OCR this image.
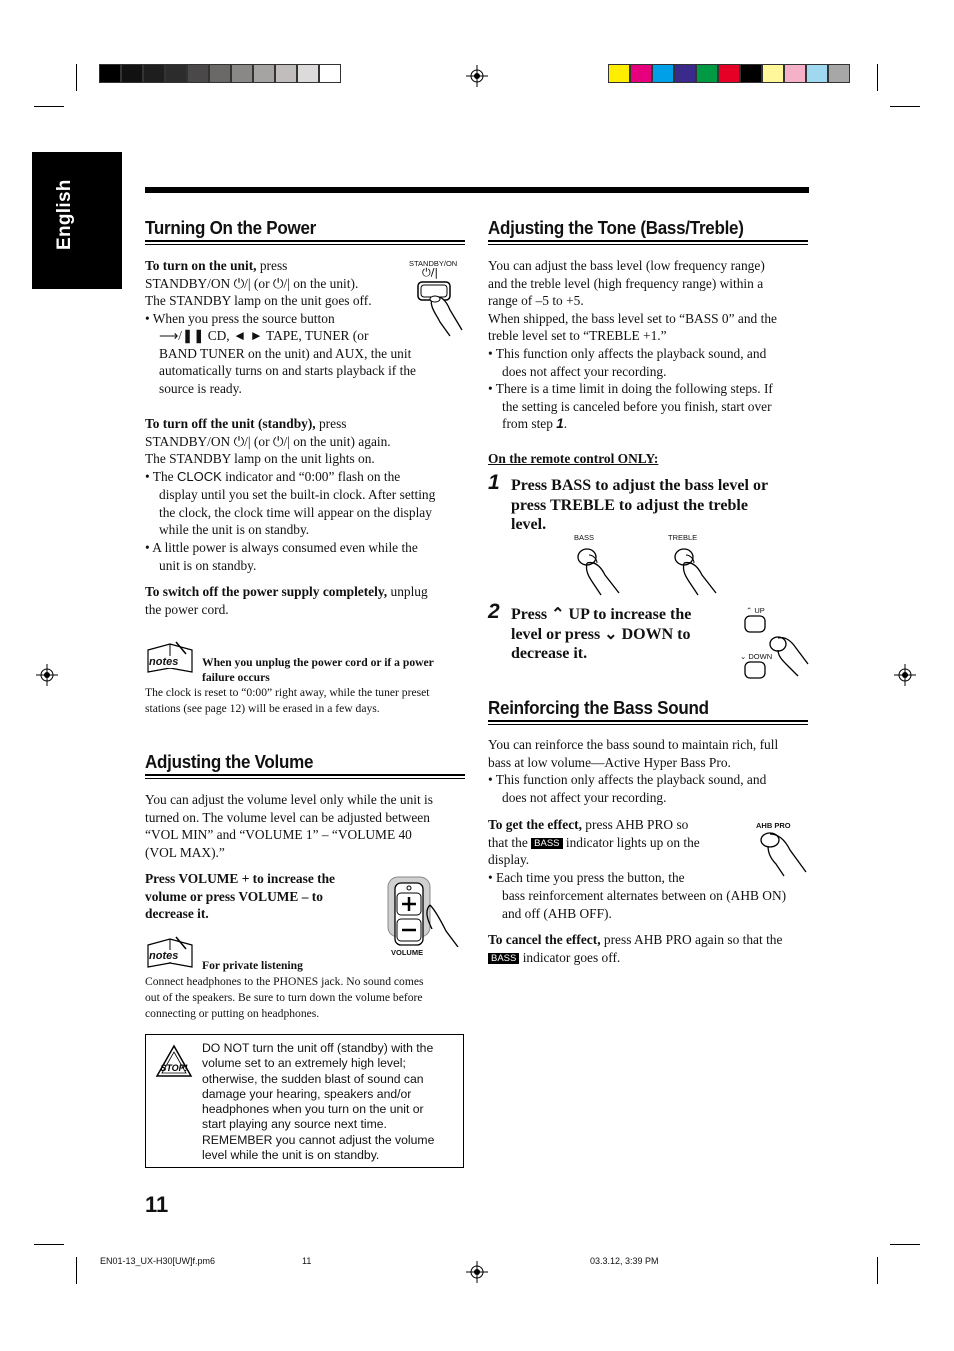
English	Turning On the Power
STANDBY/ON
⏻/|
To turn on the unit, press
STANDBY/ON ⏻/| (or ⏻/| on the unit).
The STANDBY lamp on the unit goes off.
• When you press the source button
⟶/❚❚ CD, ◄ ► TAPE, TUNER (or
BAND TUNER on the unit) and AUX, the unit
automatically turns on and starts playback if the
source is ready.
To turn off the unit (standby), press
STANDBY/ON ⏻/| (or ⏻/| on the unit) again.
The STANDBY lamp on the unit lights on.
• The CLOCK indicator and “0:00” flash on the
display until you set the built-in clock. After setting
the clock, the clock time will appear on the display
while the unit is on standby.
• A little power is always consumed even while the
unit is on standby.
To switch off the power supply completely, unplug
the power cord.
notes When you unplug the power cord or if a power
failure occurs
The clock is reset to “0:00” right away, while the tuner preset
stations (see page 12) will be erased in a few days.
Adjusting the Volume
You can adjust the volume level only while the unit is
turned on. The volume level can be adjusted between
“VOL MIN” and “VOLUME 1” – “VOLUME 40
(VOL MAX).”
Press VOLUME + to increase the
volume or press VOLUME – to
decrease it.
VOLUME
notes
For private listening
Connect headphones to the PHONES jack. No sound comes
out of the speakers. Be sure to turn down the volume before
connecting or putting on headphones.
STOP!
DO NOT turn the unit off (standby) with the
volume set to an extremely high level;
otherwise, the sudden blast of sound can
damage your hearing, speakers and/or
headphones when you turn on the unit or
start playing any source next time.
REMEMBER you cannot adjust the volume
level while the unit is on standby.
Adjusting the Tone (Bass/Treble)
You can adjust the bass level (low frequency range)
and the treble level (high frequency range) within a
range of –5 to +5.
When shipped, the bass level set to “BASS 0” and the
treble level set to “TREBLE +1.”
• This function only affects the playback sound, and
does not affect your recording.
• There is a time limit in doing the following steps. If
the setting is canceled before you finish, start over
from step 1.
On the remote control ONLY:
1 Press BASS to adjust the bass level or
press TREBLE to adjust the treble
level.
BASS	TREBLE
2 Press ⌃ UP to increase the
level or press ⌄ DOWN to
decrease it.
⌃ UP
⌄ DOWN
Reinforcing the Bass Sound
You can reinforce the bass sound to maintain rich, full
bass at low volume—Active Hyper Bass Pro.
• This function only affects the playback sound, and
does not affect your recording.
To get the effect, press AHB PRO so
that the BASS indicator lights up on the
display.
• Each time you press the button, the
bass reinforcement alternates between on (AHB ON)
and off (AHB OFF).
AHB PRO
To cancel the effect, press AHB PRO again so that the
BASS indicator goes off.
11
EN01-13_UX-H30[UW]f.pm6	11	03.3.12, 3:39 PM
